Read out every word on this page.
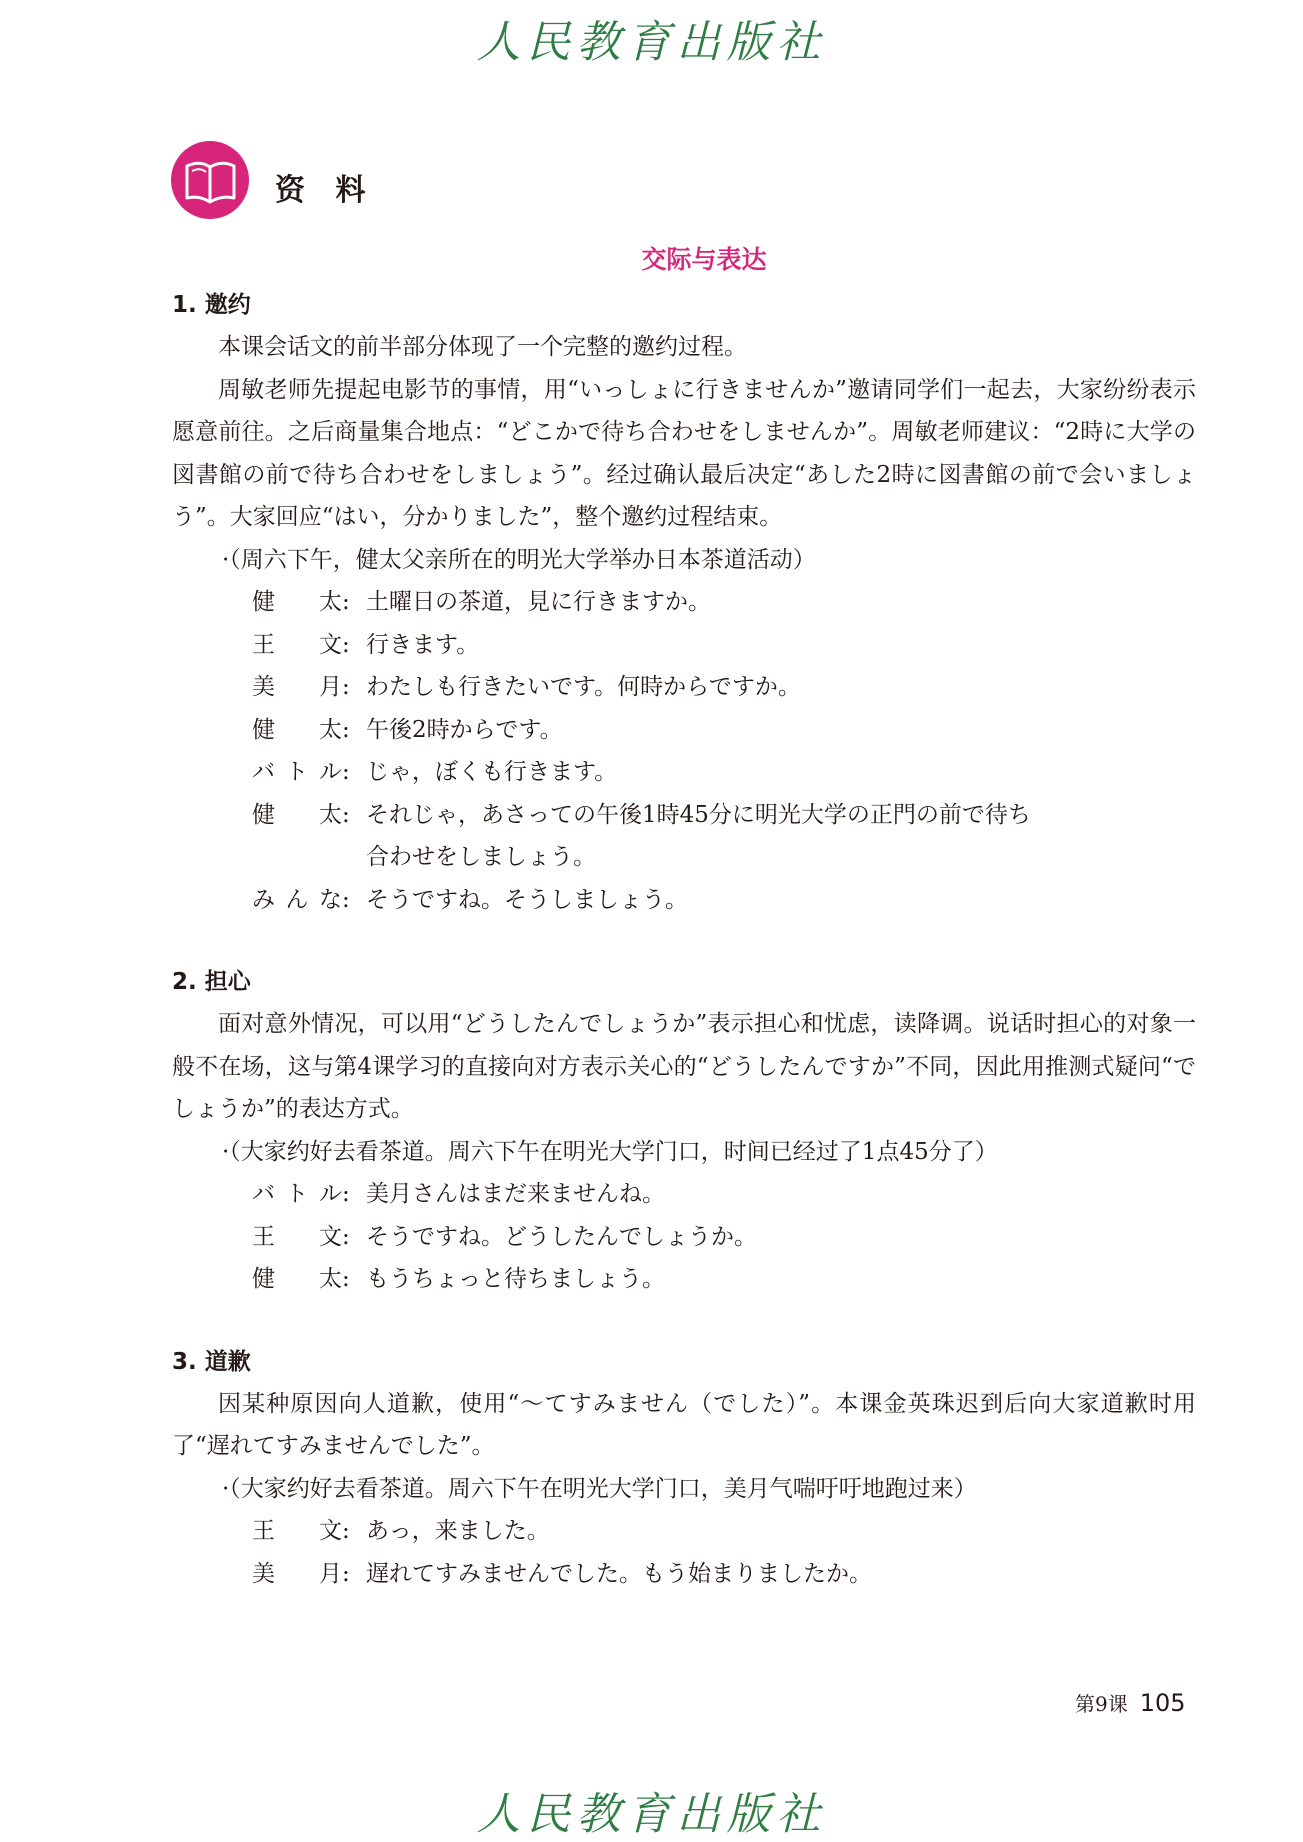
人民教育出版社
资 料
交际与表达
1. 邀约
本课会话文的前半部分体现了一个完整的邀约过程。
周敏老师先提起电影节的事情，用“いっしょに行きませんか”邀请同学们一起去，大家纷纷表示愿意前往。之后商量集合地点：“どこかで待ち合わせをしませんか”。周敏老师建议：“2時に大学の図書館の前で待ち合わせをしましょう”。经过确认最后决定“あした2時に図書館の前で会いましょう”。大家回应“はい，分かりました”，整个邀约过程结束。
·（周六下午，健太父亲所在的明光大学举办日本茶道活动）
健太 : 土曜日の茶道，見に行きますか。
王文 : 行きます。
美月 : わたしも行きたいです。何時からですか。
健太 : 午後2時からです。
バトル : じゃ，ぼくも行きます。
健太 : それじゃ，あさっての午後1時45分に明光大学の正門の前で待ち
合わせをしましょう。
みんな : そうですね。そうしましょう。
2. 担心
面对意外情况，可以用“どうしたんでしょうか”表示担心和忧虑，读降调。说话时担心的对象一般不在场，这与第4课学习的直接向对方表示关心的“どうしたんですか”不同，因此用推测式疑问“でしょうか”的表达方式。
·（大家约好去看茶道。周六下午在明光大学门口，时间已经过了1点45分了）
バトル : 美月さんはまだ来ませんね。
王文 : そうですね。どうしたんでしょうか。
健太 : もうちょっと待ちましょう。
3. 道歉
因某种原因向人道歉，使用“～てすみません（でした）”。本课金英珠迟到后向大家道歉时用了“遅れてすみませんでした”。
·（大家约好去看茶道。周六下午在明光大学门口，美月气喘吁吁地跑过来）
王文 : あっ，来ました。
美月 : 遅れてすみませんでした。もう始まりましたか。
第9课 105
人民教育出版社
